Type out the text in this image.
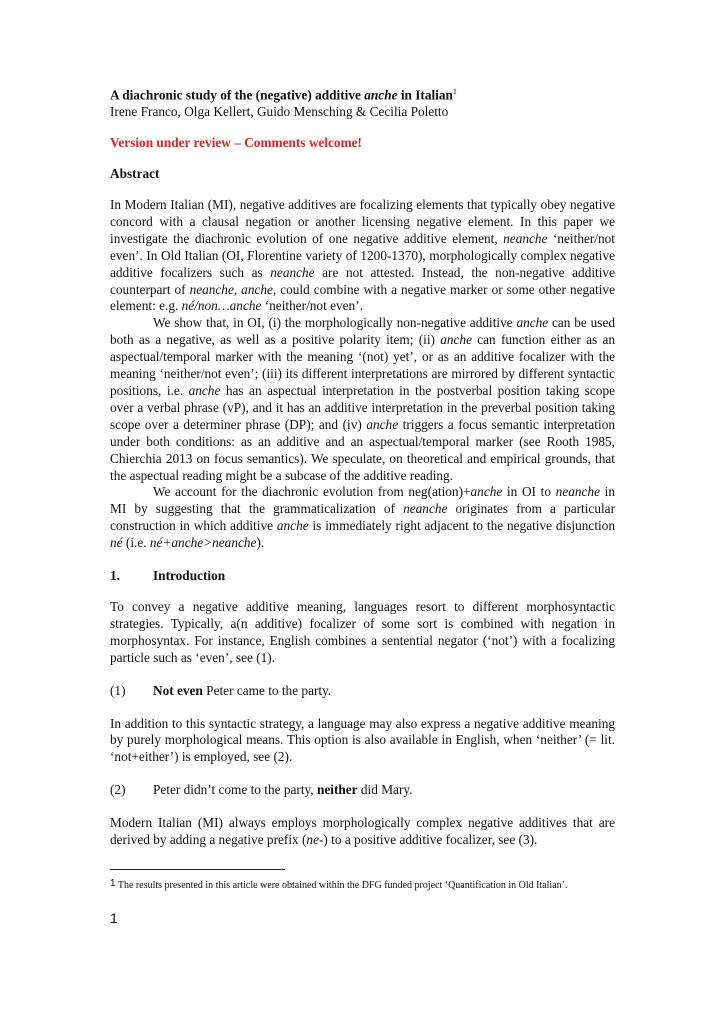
A diachronic study of the (negative) additive anche in Italian$^1$

Irene Franco, Olga Kellert, Guido Mensching & Cecilia Poletto

Version under review – Comments welcome!

Abstract

In Modern Italian (MI), negative additives are focalizing elements that typically obey negative concord with a clausal negation or another licensing negative element. In this paper we investigate the diachronic evolution of one negative additive element, neanche ‘neither/not even’. In Old Italian (OI, Florentine variety of 1200-1370), morphologically complex negative additive focalizers such as neanche are not attested. Instead, the non-negative additive counterpart of neanche, anche, could combine with a negative marker or some other negative element: e.g. né/non…anche ‘neither/not even’.

We show that, in OI, (i) the morphologically non-negative additive anche can be used both as a negative, as well as a positive polarity item; (ii) anche can function either as an aspectual/temporal marker with the meaning ‘(not) yet’, or as an additive focalizer with the meaning ‘neither/not even’; (iii) its different interpretations are mirrored by different syntactic positions, i.e. anche has an aspectual interpretation in the postverbal position taking scope over a verbal phrase (vP), and it has an additive interpretation in the preverbal position taking scope over a determiner phrase (DP); and (iv) anche triggers a focus semantic interpretation under both conditions: as an additive and an aspectual/temporal marker (see Rooth 1985, Chierchia 2013 on focus semantics). We speculate, on theoretical and empirical grounds, that the aspectual reading might be a subcase of the additive reading.

We account for the diachronic evolution from neg(ation)+anche in OI to neanche in MI by suggesting that the grammaticalization of neanche originates from a particular construction in which additive anche is immediately right adjacent to the negative disjunction né (i.e. né+anche>neanche).

1. Introduction

To convey a negative additive meaning, languages resort to different morphosyntactic strategies. Typically, a(n additive) focalizer of some sort is combined with negation in morphosyntax. For instance, English combines a sentential negator (‘not’) with a focalizing particle such as ‘even’, see (1).

(1)	Not even Peter came to the party.

In addition to this syntactic strategy, a language may also express a negative additive meaning by purely morphological means. This option is also available in English, when ‘neither’ (= lit. ‘not+either’) is employed, see (2).

(2)	Peter didn’t come to the party, neither did Mary.

Modern Italian (MI) always employs morphologically complex negative additives that are derived by adding a negative prefix (ne-) to a positive additive focalizer, see (3).

$^1$ The results presented in this article were obtained within the DFG funded project ‘Quantification in Old Italian’.

1
